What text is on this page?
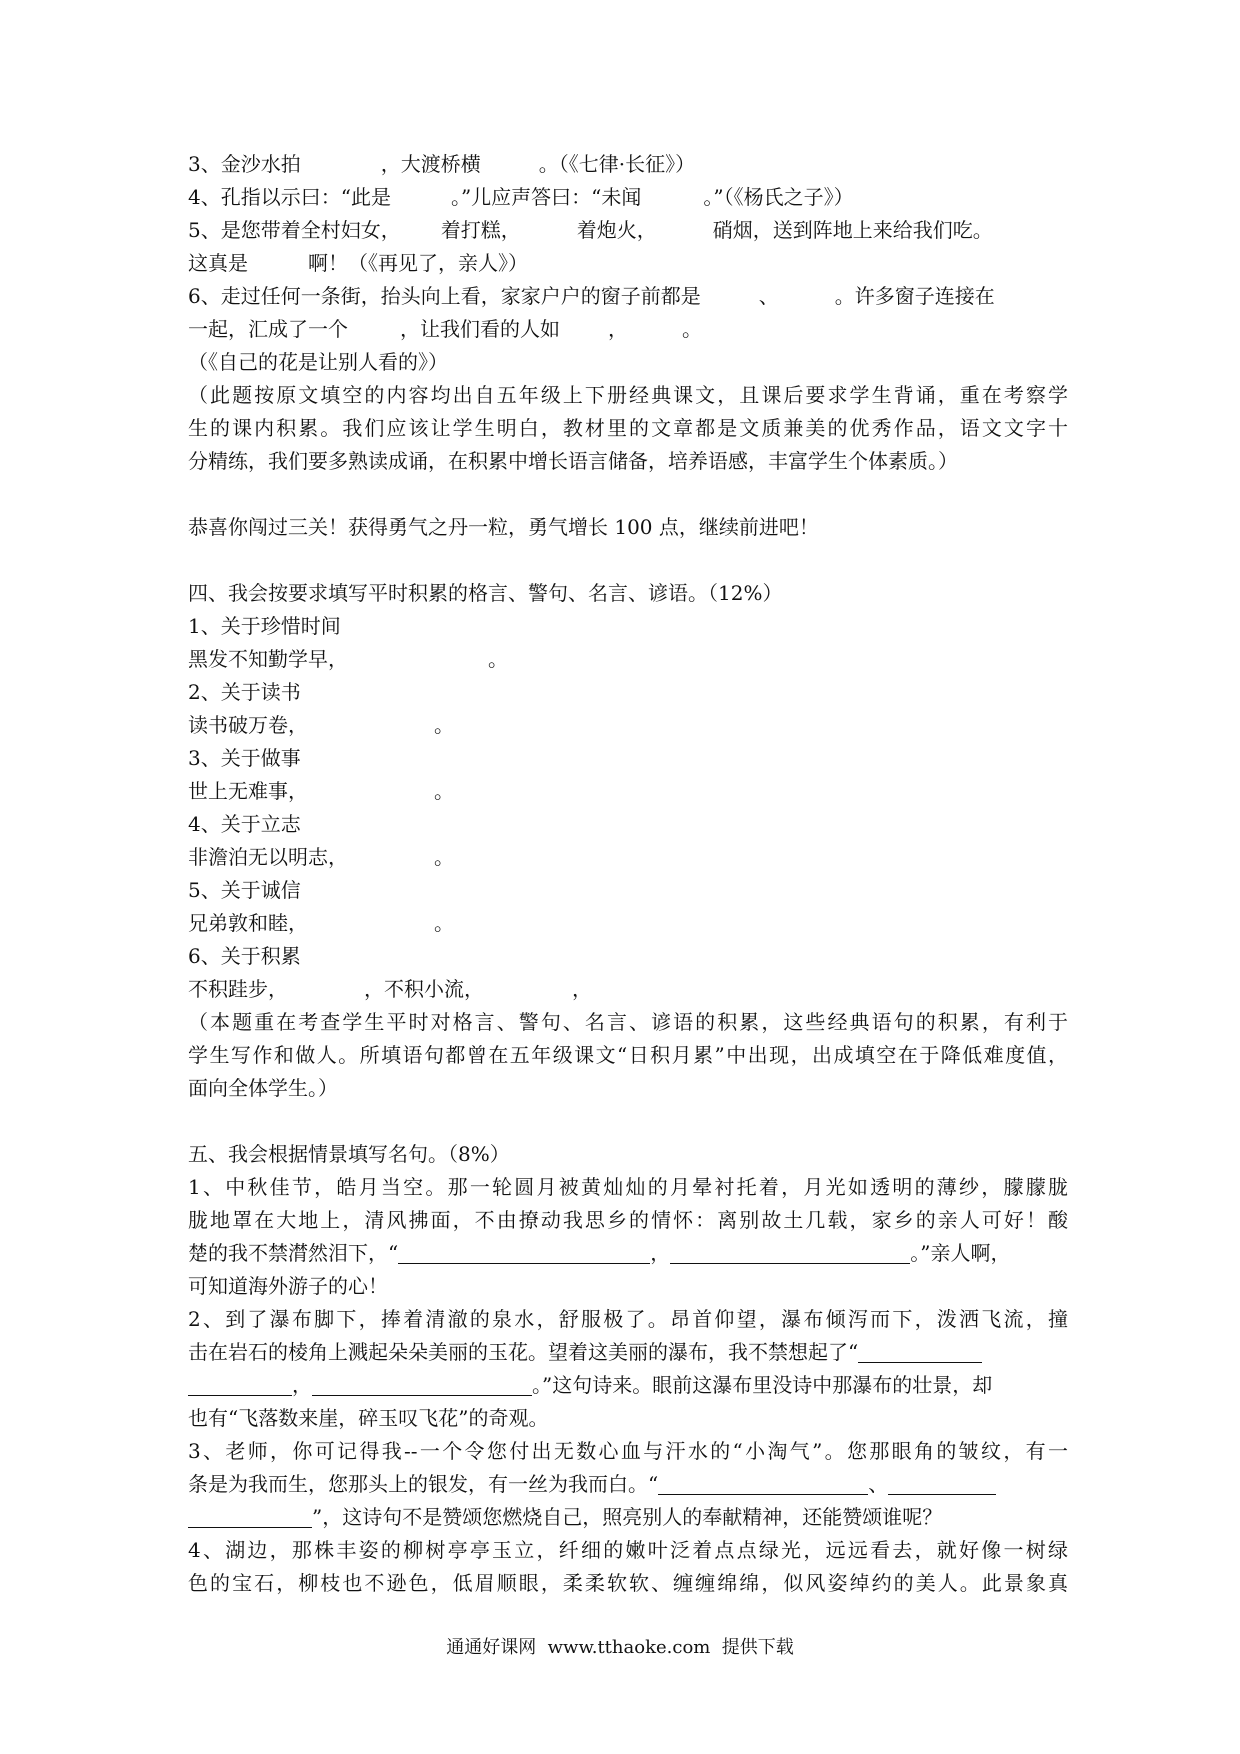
3、金沙水拍	，大渡桥横	。（《七律·长征》）
4、孔指以示曰：“此是	。”儿应声答曰：“未闻	。”（《杨氏之子》）
5、是您带着全村妇女， 着打糕，	着炮火，	硝烟，送到阵地上来给我们吃。
这真是	啊！（《再见了，亲人》）
6、走过任何一条街，抬头向上看，家家户户的窗子前都是	、	。许多窗子连接在
一起，汇成了一个	，让我们看的人如 ，	。
（《自己的花是让别人看的》）
（此题按原文填空的内容均出自五年级上下册经典课文，且课后要求学生背诵，重在考察学
生的课内积累。我们应该让学生明白，教材里的文章都是文质兼美的优秀作品，语文文字十
分精练，我们要多熟读成诵，在积累中增长语言储备，培养语感，丰富学生个体素质。）
恭喜你闯过三关！获得勇气之丹一粒，勇气增长 100 点，继续前进吧！
四、我会按要求填写平时积累的格言、警句、名言、谚语。（12%）
1、关于珍惜时间
黑发不知勤学早，	。
2、关于读书
读书破万卷，	。
3、关于做事
世上无难事，	。
4、关于立志
非澹泊无以明志，	。
5、关于诚信
兄弟敦和睦，	。
6、关于积累
不积跬步，	，不积小流，	，
（本题重在考查学生平时对格言、警句、名言、谚语的积累，这些经典语句的积累，有利于
学生写作和做人。所填语句都曾在五年级课文“日积月累”中出现，出成填空在于降低难度值，
面向全体学生。）
五、我会根据情景填写名句。（8%）
1、中秋佳节，皓月当空。那一轮圆月被黄灿灿的月晕衬托着，月光如透明的薄纱，朦朦胧
胧地罩在大地上，清风拂面，不由撩动我思乡的情怀：离别故土几载，家乡的亲人可好！酸
楚的我不禁潸然泪下，“	，	。”亲人啊，
可知道海外游子的心！
2、到了瀑布脚下，捧着清澈的泉水，舒服极了。昂首仰望，瀑布倾泻而下，泼洒飞流，撞
击在岩石的棱角上溅起朵朵美丽的玉花。望着这美丽的瀑布，我不禁想起了“
，	。”这句诗来。眼前这瀑布里没诗中那瀑布的壮景，却
也有“飞落数来崖，碎玉叹飞花”的奇观。
3、老师，你可记得我--一个令您付出无数心血与汗水的“小淘气”。您那眼角的皱纹，有一
条是为我而生，您那头上的银发，有一丝为我而白。“	、
”，这诗句不是赞颂您燃烧自己，照亮别人的奉献精神，还能赞颂谁呢？
4、湖边，那株丰姿的柳树亭亭玉立，纤细的嫩叶泛着点点绿光，远远看去，就好像一树绿
色的宝石，柳枝也不逊色，低眉顺眼，柔柔软软、缠缠绵绵，似风姿绰约的美人。此景象真
通通好课网  www.tthaoke.com  提供下载
